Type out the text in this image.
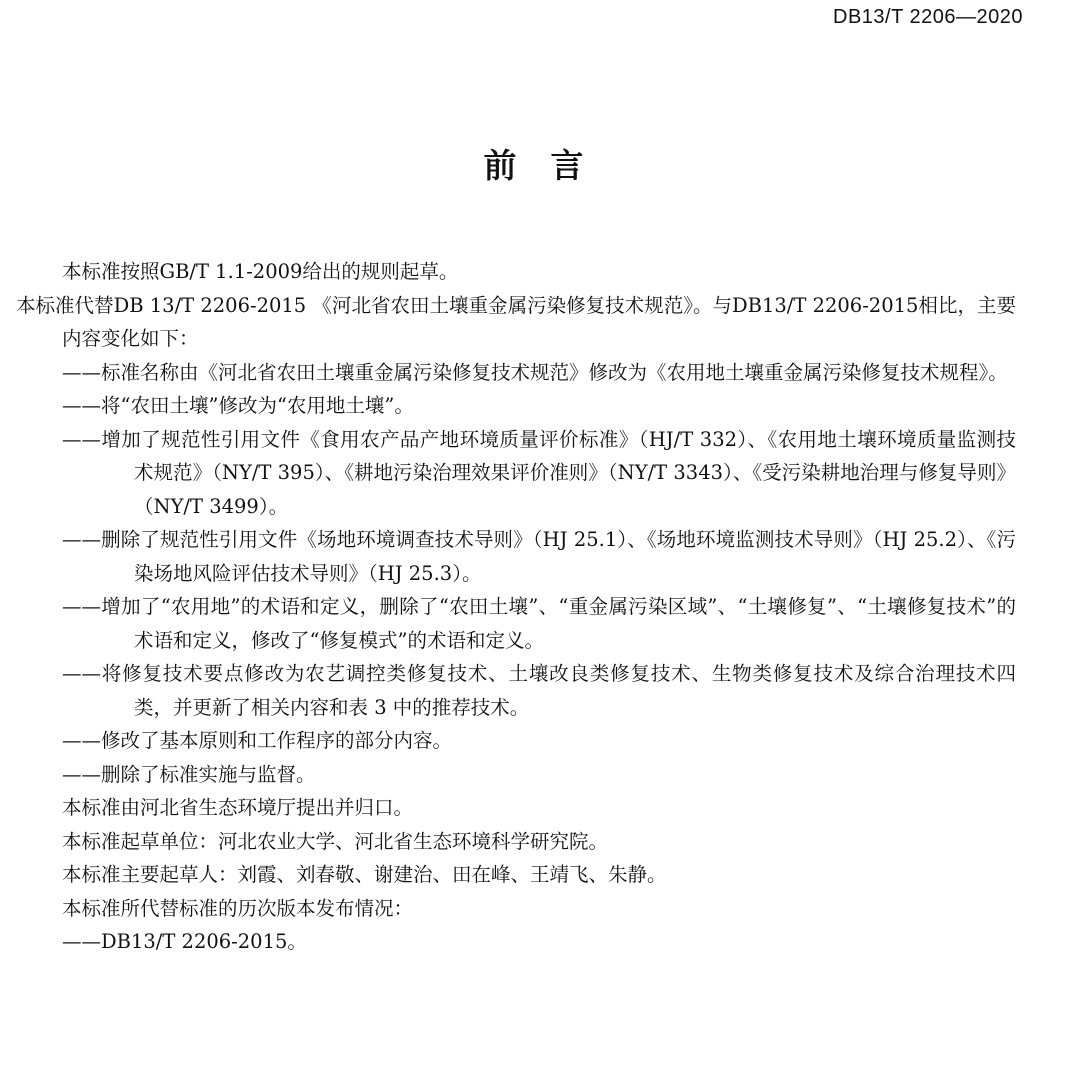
DB13/T 2206—2020
前言

本标准按照GB/T 1.1-2009给出的规则起草。

本标准代替DB 13/T 2206-2015 《河北省农田土壤重金属污染修复技术规范》。与DB13/T 2206-2015相比，主要内容变化如下：

——标准名称由《河北省农田土壤重金属污染修复技术规范》修改为《农用地土壤重金属污染修复技术规程》。

——将“农田土壤”修改为“农用地土壤”。

——增加了规范性引用文件《食用农产品产地环境质量评价标准》（HJ/T 332）、《农用地土壤环境质量监测技术规范》（NY/T 395）、《耕地污染治理效果评价准则》（NY/T 3343）、《受污染耕地治理与修复导则》（NY/T 3499）。

——删除了规范性引用文件《场地环境调查技术导则》（HJ 25.1）、《场地环境监测技术导则》（HJ 25.2）、《污染场地风险评估技术导则》（HJ 25.3）。

——增加了“农用地”的术语和定义，删除了“农田土壤”、“重金属污染区域”、“土壤修复”、“土壤修复技术”的术语和定义，修改了“修复模式”的术语和定义。

——将修复技术要点修改为农艺调控类修复技术、土壤改良类修复技术、生物类修复技术及综合治理技术四类，并更新了相关内容和表 3 中的推荐技术。

——修改了基本原则和工作程序的部分内容。

——删除了标准实施与监督。

本标准由河北省生态环境厅提出并归口。

本标准起草单位：河北农业大学、河北省生态环境科学研究院。

本标准主要起草人：刘霞、刘春敬、谢建治、田在峰、王靖飞、朱静。

本标准所代替标准的历次版本发布情况：

——DB13/T 2206-2015。
